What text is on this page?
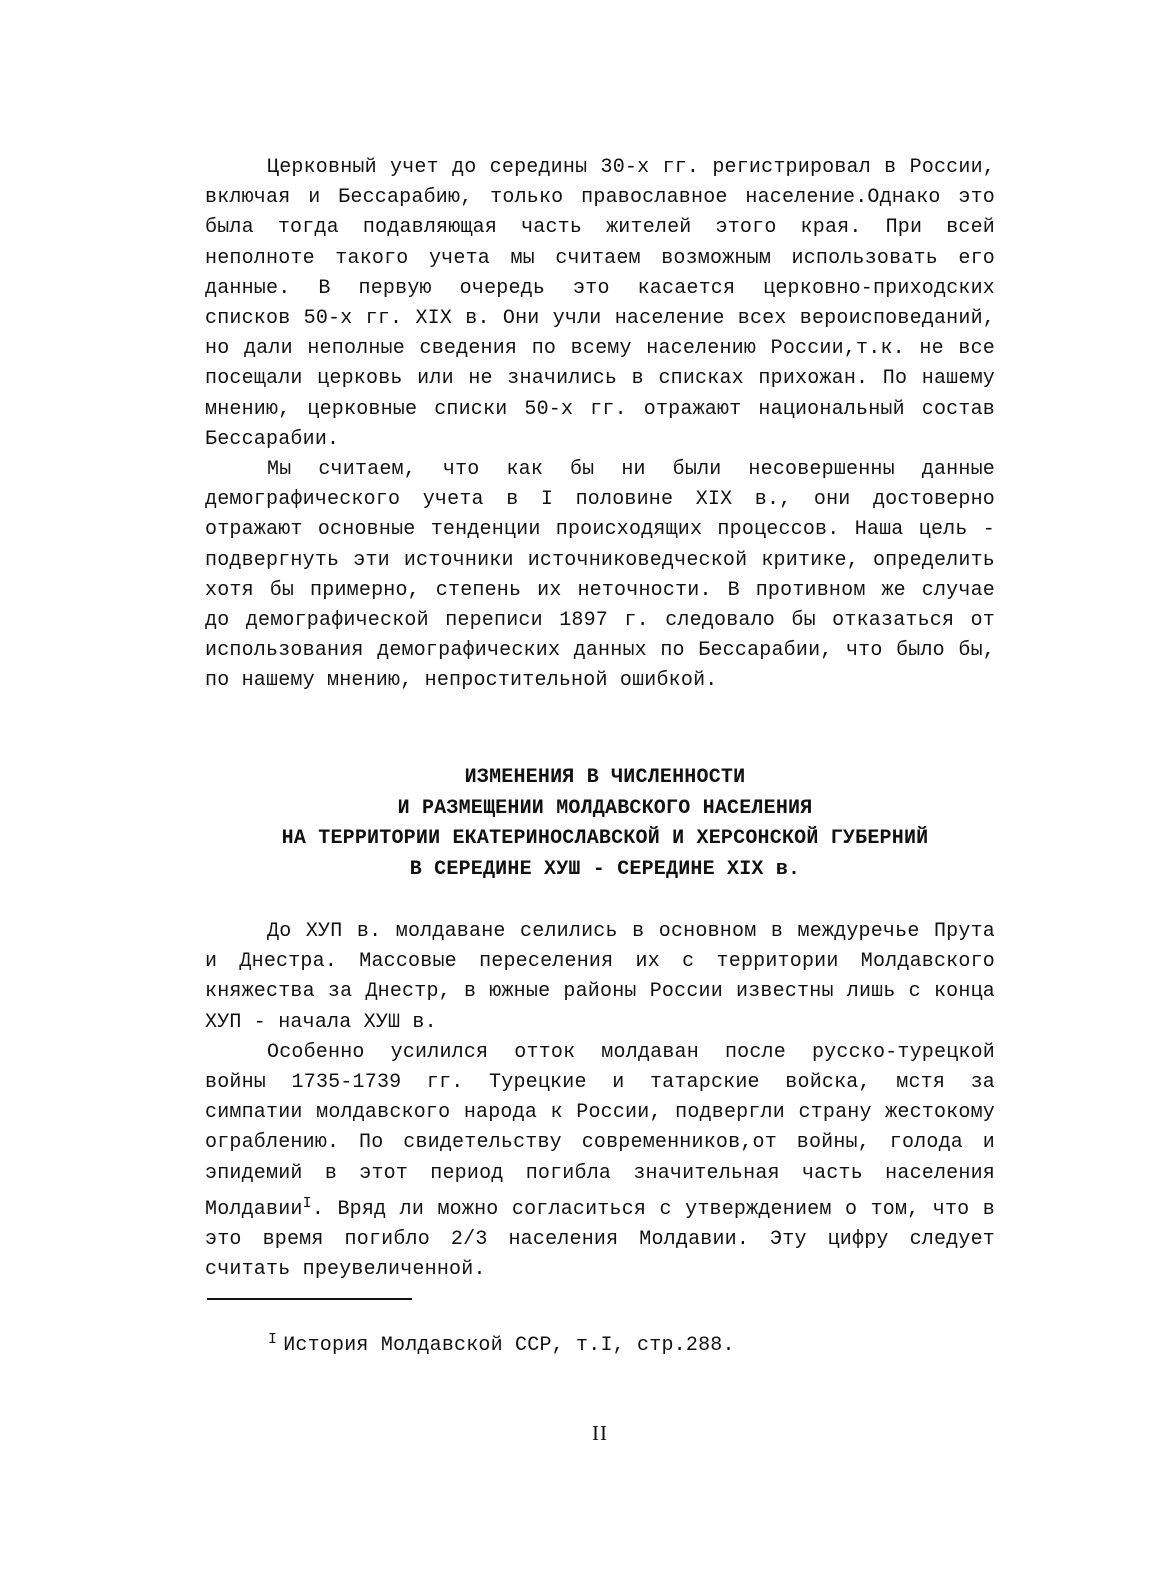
Церковный учет до середины 30-х гг. регистрировал в России, включая и Бессарабию, только православное население.Однако это была тогда подавляющая часть жителей этого края. При всей неполноте такого учета мы считаем возможным использовать его данные. В первую очередь это касается церковно-приходских списков 50-х гг. XIX в. Они учли население всех вероисповеданий, но дали неполные сведения по всему населению России,т.к. не все посещали церковь или не значились в списках прихожан. По нашему мнению, церковные списки 50-х гг. отражают национальный состав Бессарабии.

Мы считаем, что как бы ни были несовершенны данные демографического учета в I половине XIX в., они достоверно отражают основные тенденции происходящих процессов. Наша цель - подвергнуть эти источники источниковедческой критике, определить хотя бы примерно, степень их неточности. В противном же случае до демографической переписи 1897 г. следовало бы отказаться от использования демографических данных по Бессарабии, что было бы, по нашему мнению, непростительной ошибкой.

ИЗМЕНЕНИЯ В ЧИСЛЕННОСТИ
И РАЗМЕЩЕНИИ МОЛДАВСКОГО НАСЕЛЕНИЯ
НА ТЕРРИТОРИИ ЕКАТЕРИНОСЛАВСКОЙ И ХЕРСОНСКОЙ ГУБЕРНИЙ
В СЕРЕДИНЕ ХУШ - СЕРЕДИНЕ XIX в.

До ХУП в. молдаване селились в основном в междуречье Прута и Днестра. Массовые переселения их с территории Молдавского княжества за Днестр, в южные районы России известны лишь с конца ХУП - начала ХУШ в.

Особенно усилился отток молдаван после русско-турецкой войны 1735-1739 гг. Турецкие и татарские войска, мстя за симпатии молдавского народа к России, подвергли страну жестокому ограблению. По свидетельству современников,от войны, голода и эпидемий в этот период погибла значительная часть населения Молдавии$^I$. Вряд ли можно согласиться с утверждением о том, что в это время погибло 2/3 населения Молдавии. Эту цифру следует считать преувеличенной.

$^I$ История Молдавской ССР, т.I, стр.288.
II
